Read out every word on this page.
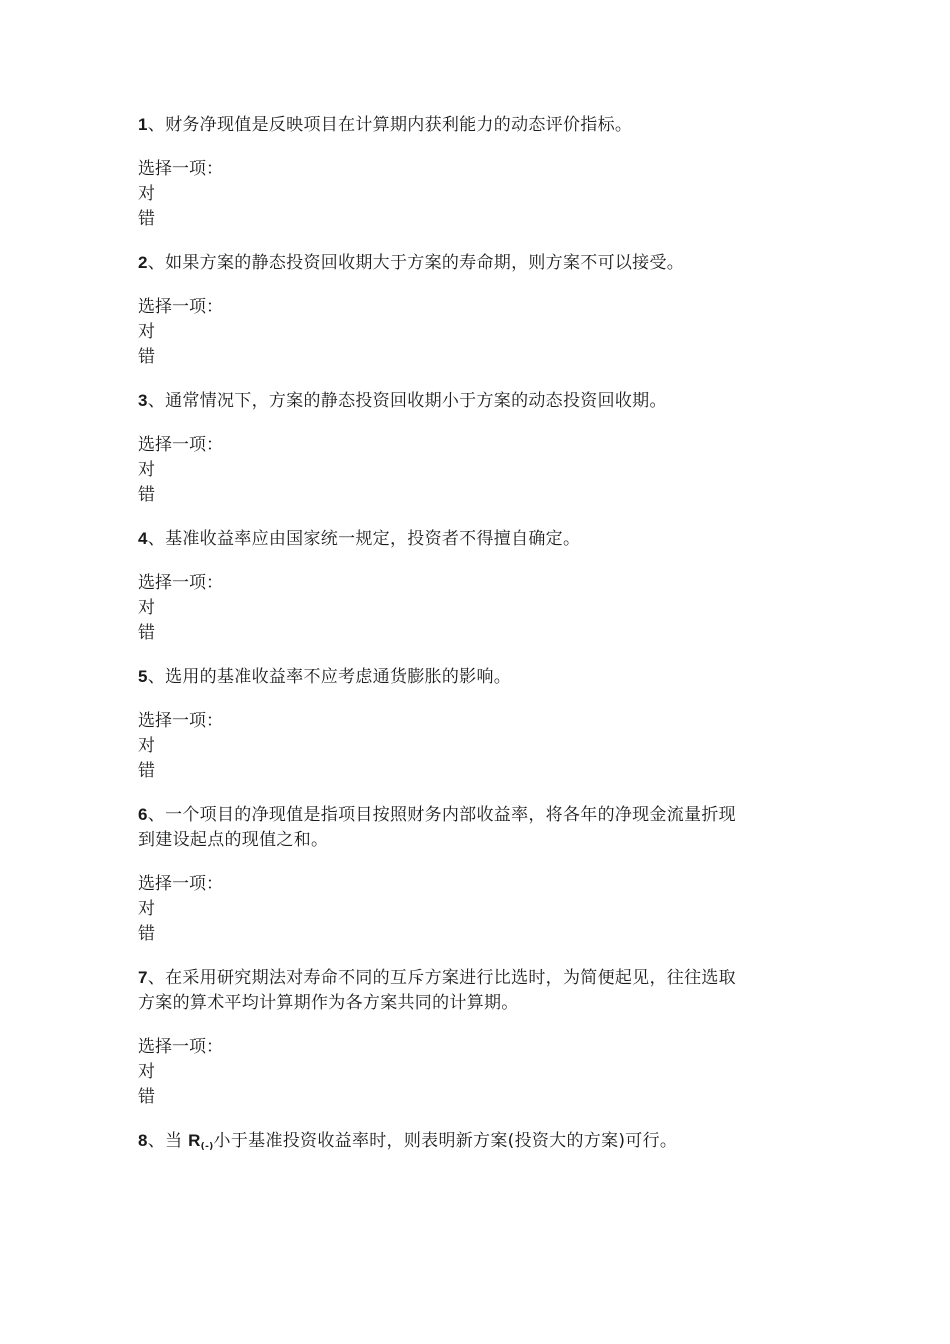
1、财务净现值是反映项目在计算期内获利能力的动态评价指标。

选择一项：
对
错

2、如果方案的静态投资回收期大于方案的寿命期，则方案不可以接受。

选择一项：
对
错

3、通常情况下，方案的静态投资回收期小于方案的动态投资回收期。

选择一项：
对
错

4、基准收益率应由国家统一规定，投资者不得擅自确定。

选择一项：
对
错

5、选用的基准收益率不应考虑通货膨胀的影响。

选择一项：
对
错

6、一个项目的净现值是指项目按照财务内部收益率，将各年的净现金流量折现
到建设起点的现值之和。

选择一项：
对
错

7、在采用研究期法对寿命不同的互斥方案进行比选时，为简便起见，往往选取
方案的算术平均计算期作为各方案共同的计算期。

选择一项：
对
错

8、当 $R_{(-)}$小于基准投资收益率时，则表明新方案(投资大的方案)可行。
